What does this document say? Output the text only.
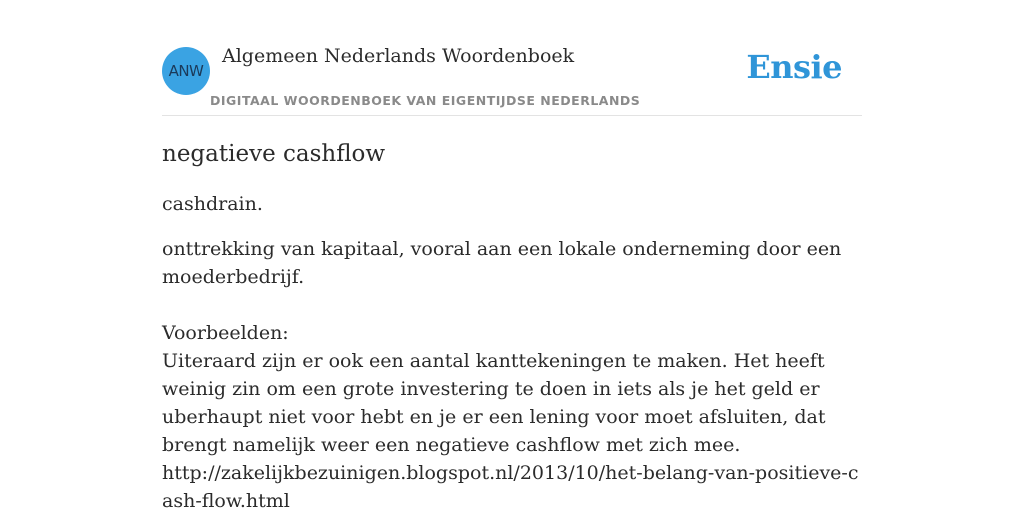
ANW
Algemeen Nederlands Woordenboek
DIGITAAL WOORDENBOEK VAN EIGENTIJDSE NEDERLANDS
Ensie
negatieve cashflow

cashdrain.

onttrekking van kapitaal, vooral aan een lokale onderneming door een moederbedrijf.

Voorbeelden:
Uiteraard zijn er ook een aantal kanttekeningen te maken. Het heeft weinig zin om een grote investering te doen in iets als je het geld er uberhaupt niet voor hebt en je er een lening voor moet afsluiten, dat brengt namelijk weer een negatieve cashflow met zich mee.
http://zakelijkbezuinigen.blogspot.nl/2013/10/het-belang-van-positieve-cash-flow.html
